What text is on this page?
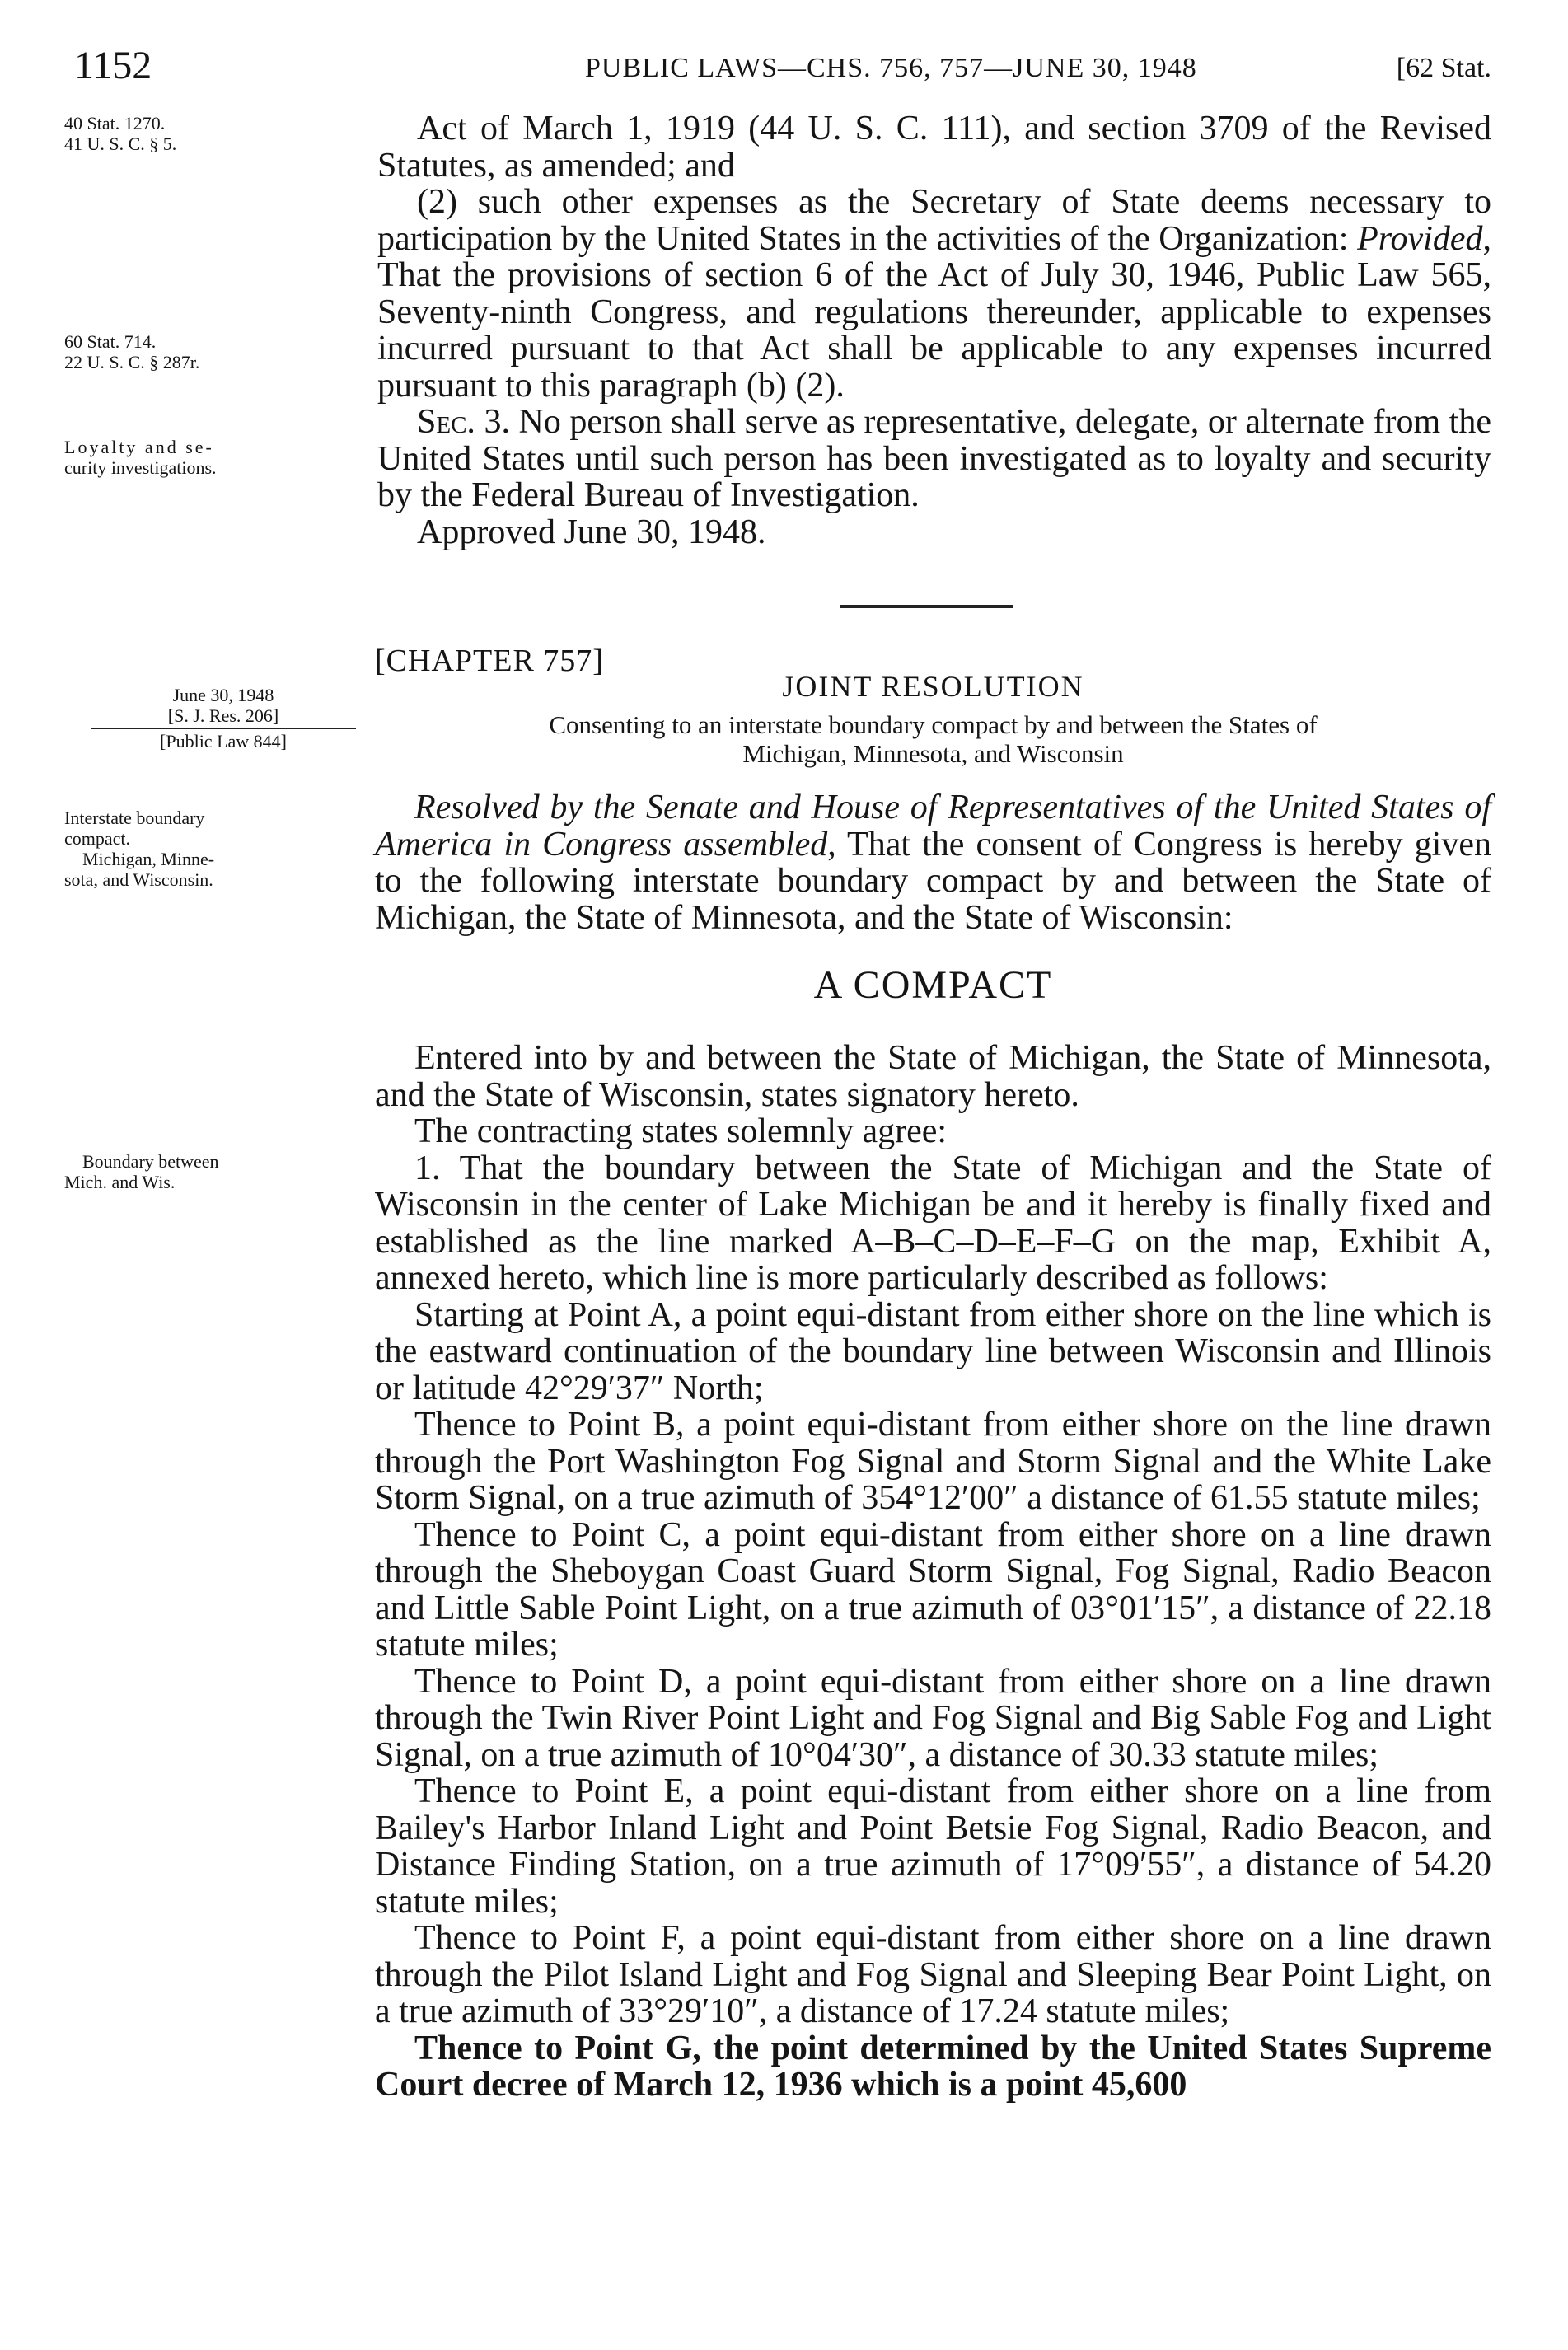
1152	PUBLIC LAWS—CHS. 756, 757—JUNE 30, 1948	[62 Stat.
40 Stat. 1270.
41 U. S. C. § 5.
60 Stat. 714.
22 U. S. C. § 287r.
Loyalty and se-
curity investigations.
June 30, 1948
[S. J. Res. 206]
[Public Law 844]
Interstate boundary
compact.
Michigan, Minne-
sota, and Wisconsin.
Boundary between
Mich. and Wis.

Act of March 1, 1919 (44 U. S. C. 111), and section 3709 of the Revised Statutes, as amended; and

(2) such other expenses as the Secretary of State deems necessary to participation by the United States in the activities of the Organization: Provided, That the provisions of section 6 of the Act of July 30, 1946, Public Law 565, Seventy-ninth Congress, and regulations thereunder, applicable to expenses incurred pursuant to that Act shall be applicable to any expenses incurred pursuant to this paragraph (b) (2).

Sec. 3. No person shall serve as representative, delegate, or alternate from the United States until such person has been investigated as to loyalty and security by the Federal Bureau of Investigation.

Approved June 30, 1948.

[CHAPTER 757]
JOINT RESOLUTION
Consenting to an interstate boundary compact by and between the States of
Michigan, Minnesota, and Wisconsin

Resolved by the Senate and House of Representatives of the United States of America in Congress assembled, That the consent of Congress is hereby given to the following interstate boundary compact by and between the State of Michigan, the State of Minnesota, and the State of Wisconsin:

A COMPACT

Entered into by and between the State of Michigan, the State of Minnesota, and the State of Wisconsin, states signatory hereto.

The contracting states solemnly agree:

1. That the boundary between the State of Michigan and the State of Wisconsin in the center of Lake Michigan be and it hereby is finally fixed and established as the line marked A–B–C–D–E–F–G on the map, Exhibit A, annexed hereto, which line is more particularly described as follows:

Starting at Point A, a point equi-distant from either shore on the line which is the eastward continuation of the boundary line between Wisconsin and Illinois or latitude 42°29′37″ North;

Thence to Point B, a point equi-distant from either shore on the line drawn through the Port Washington Fog Signal and Storm Signal and the White Lake Storm Signal, on a true azimuth of 354°12′00″ a distance of 61.55 statute miles;

Thence to Point C, a point equi-distant from either shore on a line drawn through the Sheboygan Coast Guard Storm Signal, Fog Signal, Radio Beacon and Little Sable Point Light, on a true azimuth of 03°01′15″, a distance of 22.18 statute miles;

Thence to Point D, a point equi-distant from either shore on a line drawn through the Twin River Point Light and Fog Signal and Big Sable Fog and Light Signal, on a true azimuth of 10°04′30″, a distance of 30.33 statute miles;

Thence to Point E, a point equi-distant from either shore on a line from Bailey's Harbor Inland Light and Point Betsie Fog Signal, Radio Beacon, and Distance Finding Station, on a true azimuth of 17°09′55″, a distance of 54.20 statute miles;

Thence to Point F, a point equi-distant from either shore on a line drawn through the Pilot Island Light and Fog Signal and Sleeping Bear Point Light, on a true azimuth of 33°29′10″, a distance of 17.24 statute miles;

Thence to Point G, the point determined by the United States Supreme Court decree of March 12, 1936 which is a point 45,600
